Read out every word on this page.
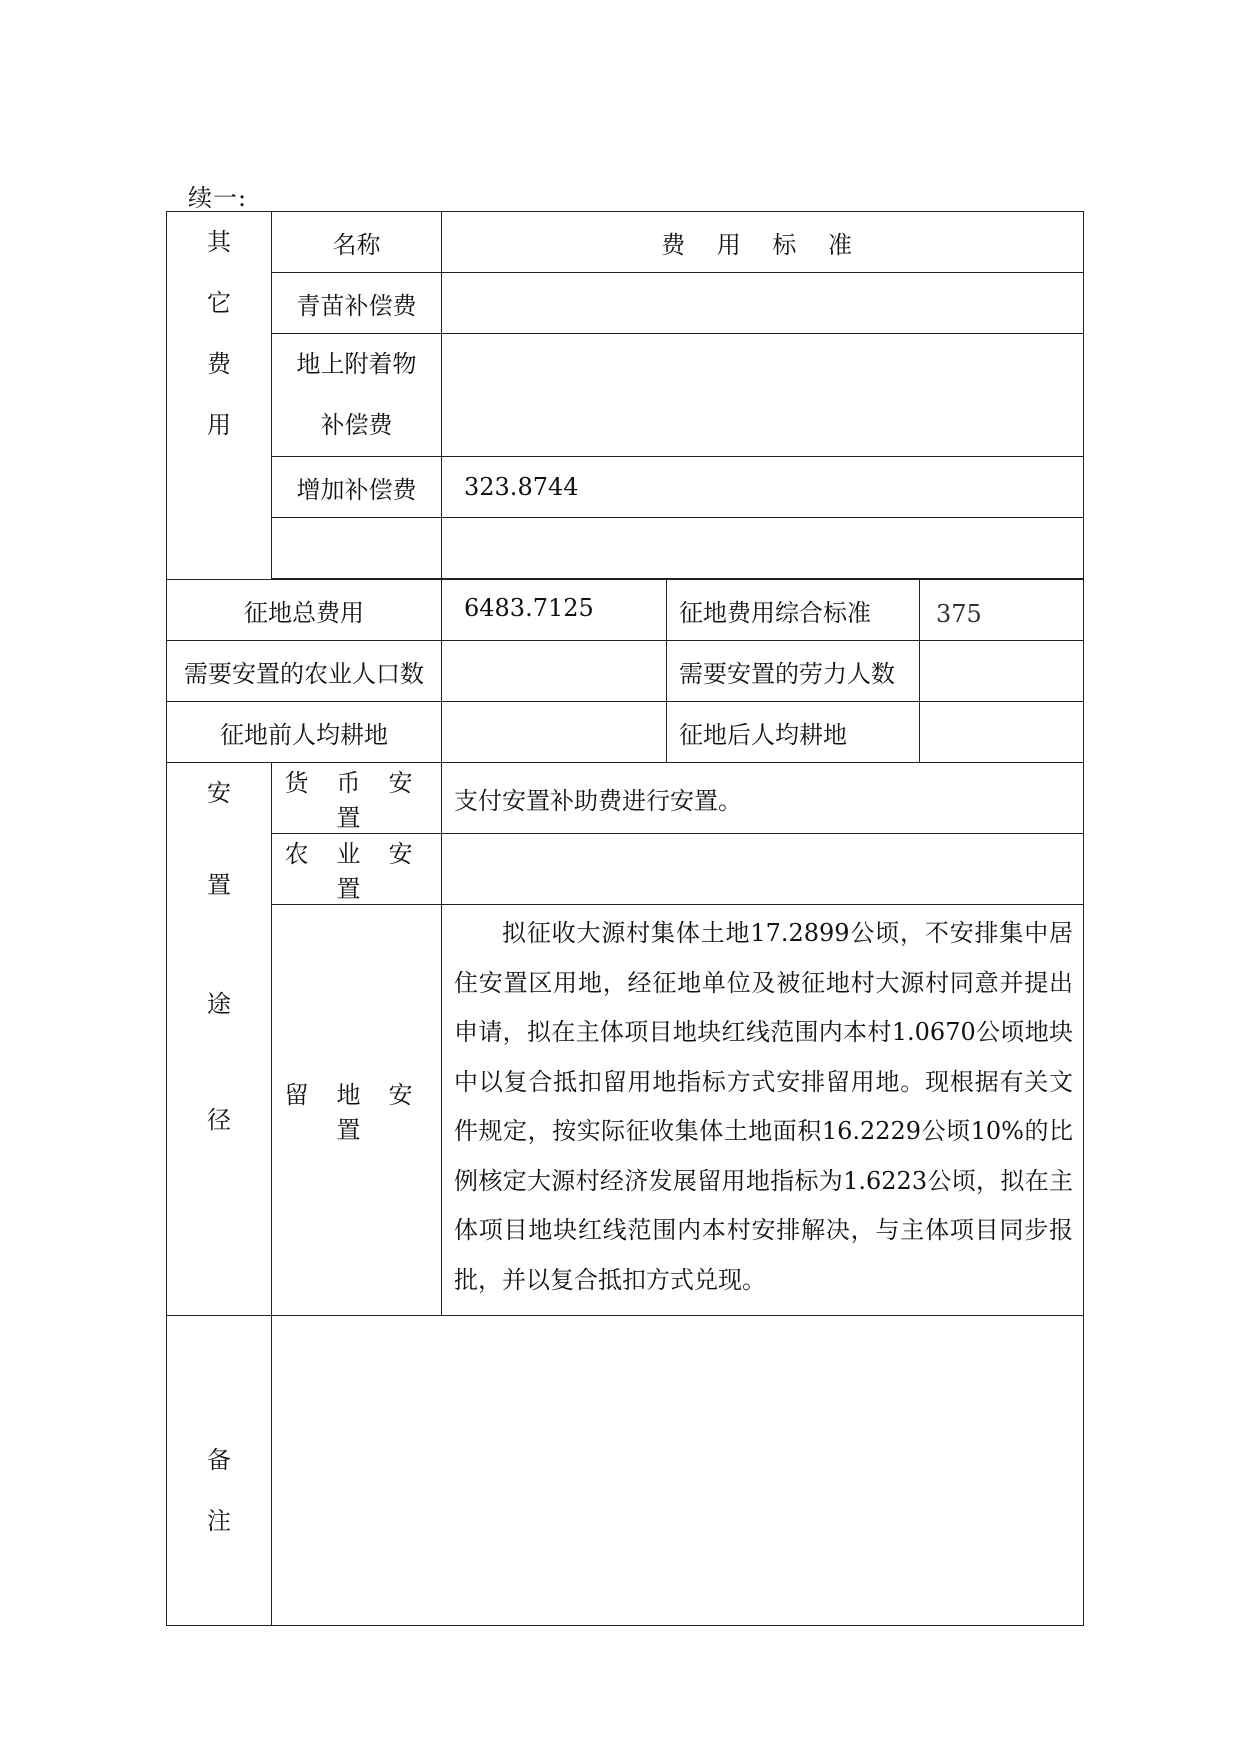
续一:
其
它
费
用	名称	费 用 标 准		
	青苗补偿费			

	地上附着物
补偿费			

	增加补偿费	323.8744		

征地总费用		6483.7125	征地费用综合标准	375
需要安置的农业人口数			需要安置的劳力人数	
征地前人均耕地			征地后人均耕地	

安
置
途
径	货币安置	支付安置补助费进行安置。		
	农业安置			
	留地安置	拟征收大源村集体土地17.2899公顷，不安排集中居住安置区用地，经征地单位及被征地村大源村同意并提出申请，拟在主体项目地块红线范围内本村1.0670公顷地块中以复合抵扣留用地指标方式安排留用地。现根据有关文件规定，按实际征收集体土地面积16.2229公顷10%的比例核定大源村经济发展留用地指标为1.6223公顷，拟在主体项目地块红线范围内本村安排解决，与主体项目同步报批，并以复合抵扣方式兑现。		

备
注				
